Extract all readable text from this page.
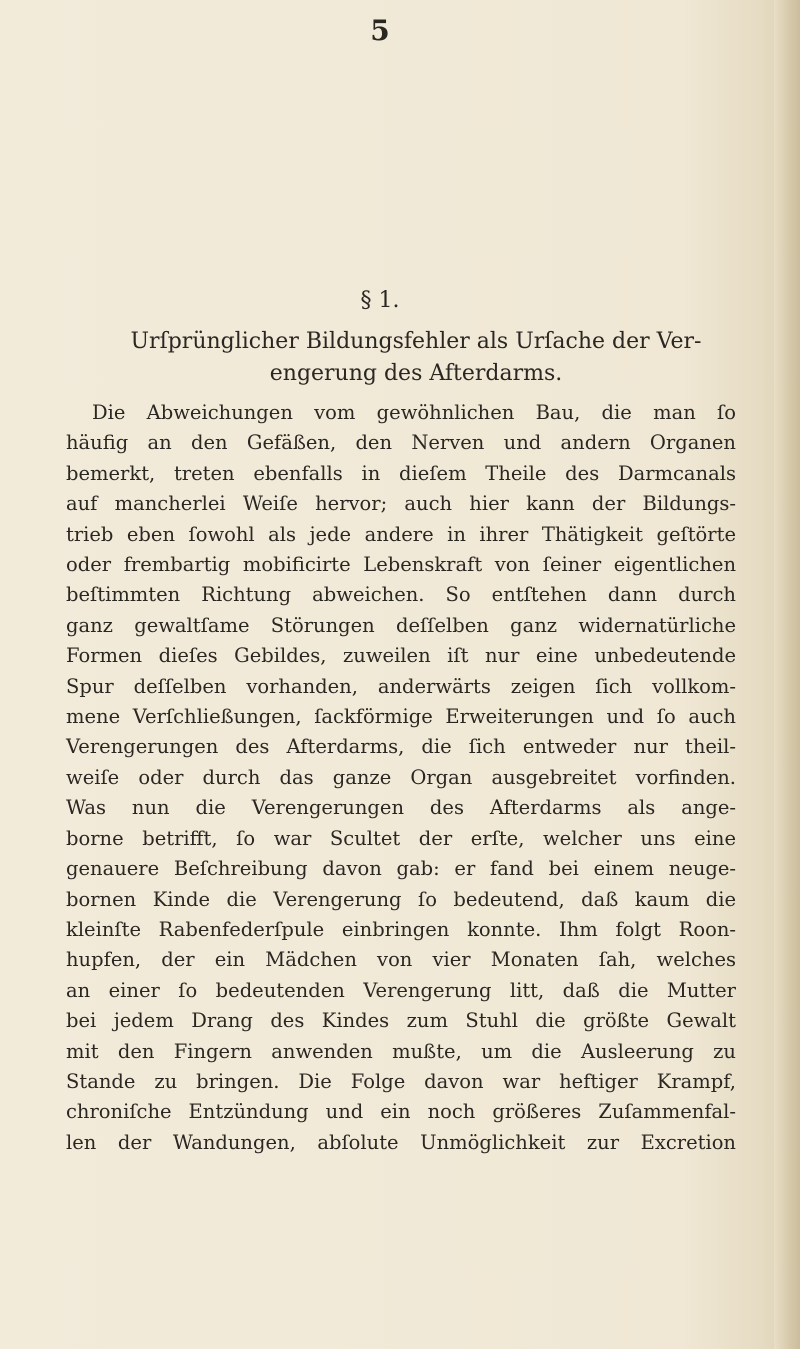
5
§ 1.
Urſprünglicher Bildungsfehler als Urſache der Ver-
engerung des Afterdarms.
Die Abweichungen vom gewöhnlichen Bau, die man ſo
häufig an den Gefäßen, den Nerven und andern Organen
bemerkt, treten ebenfalls in dieſem Theile des Darmcanals
auf mancherlei Weiſe hervor; auch hier kann der Bildungs-
trieb eben ſowohl als jede andere in ihrer Thätigkeit geſtörte
oder frembartig mobificirte Lebenskraft von ſeiner eigentlichen
beſtimmten Richtung abweichen. So entſtehen dann durch
ganz gewaltſame Störungen deſſelben ganz widernatürliche
Formen dieſes Gebildes, zuweilen iſt nur eine unbedeutende
Spur deſſelben vorhanden, anderwärts zeigen ſich vollkom-
mene Verſchließungen, ſackförmige Erweiterungen und ſo auch
Verengerungen des Afterdarms, die ſich entweder nur theil-
weiſe oder durch das ganze Organ ausgebreitet vorfinden.
Was nun die Verengerungen des Afterdarms als ange-
borne betrifft, ſo war Scultet der erſte, welcher uns eine
genauere Beſchreibung davon gab: er fand bei einem neuge-
bornen Kinde die Verengerung ſo bedeutend, daß kaum die
kleinſte Rabenfederſpule einbringen konnte. Ihm folgt Roon-
hupfen, der ein Mädchen von vier Monaten ſah, welches
an einer ſo bedeutenden Verengerung litt, daß die Mutter
bei jedem Drang des Kindes zum Stuhl die größte Gewalt
mit den Fingern anwenden mußte, um die Ausleerung zu
Stande zu bringen. Die Folge davon war heftiger Krampf,
chroniſche Entzündung und ein noch größeres Zuſammenfal-
len der Wandungen, abſolute Unmöglichkeit zur Excretion
